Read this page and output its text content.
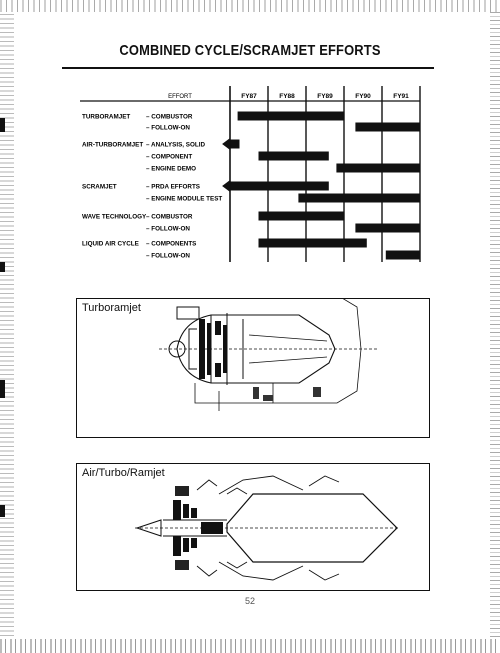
COMBINED CYCLE/SCRAMJET EFFORTS
FY87	FY88	FY89	FY90	FY91
EFFORT
TURBORAMJET – COMBUSTOR
– FOLLOW-ON
AIR-TURBORAMJET – ANALYSIS, SOLID
– COMPONENT
– ENGINE DEMO
SCRAMJET	– PRDA EFFORTS
– ENGINE MODULE TEST
WAVE TECHNOLOGY – COMBUSTOR
– FOLLOW-ON
LIQUID AIR CYCLE – COMPONENTS
– FOLLOW-ON
Turboramjet
Air/Turbo/Ramjet
52
